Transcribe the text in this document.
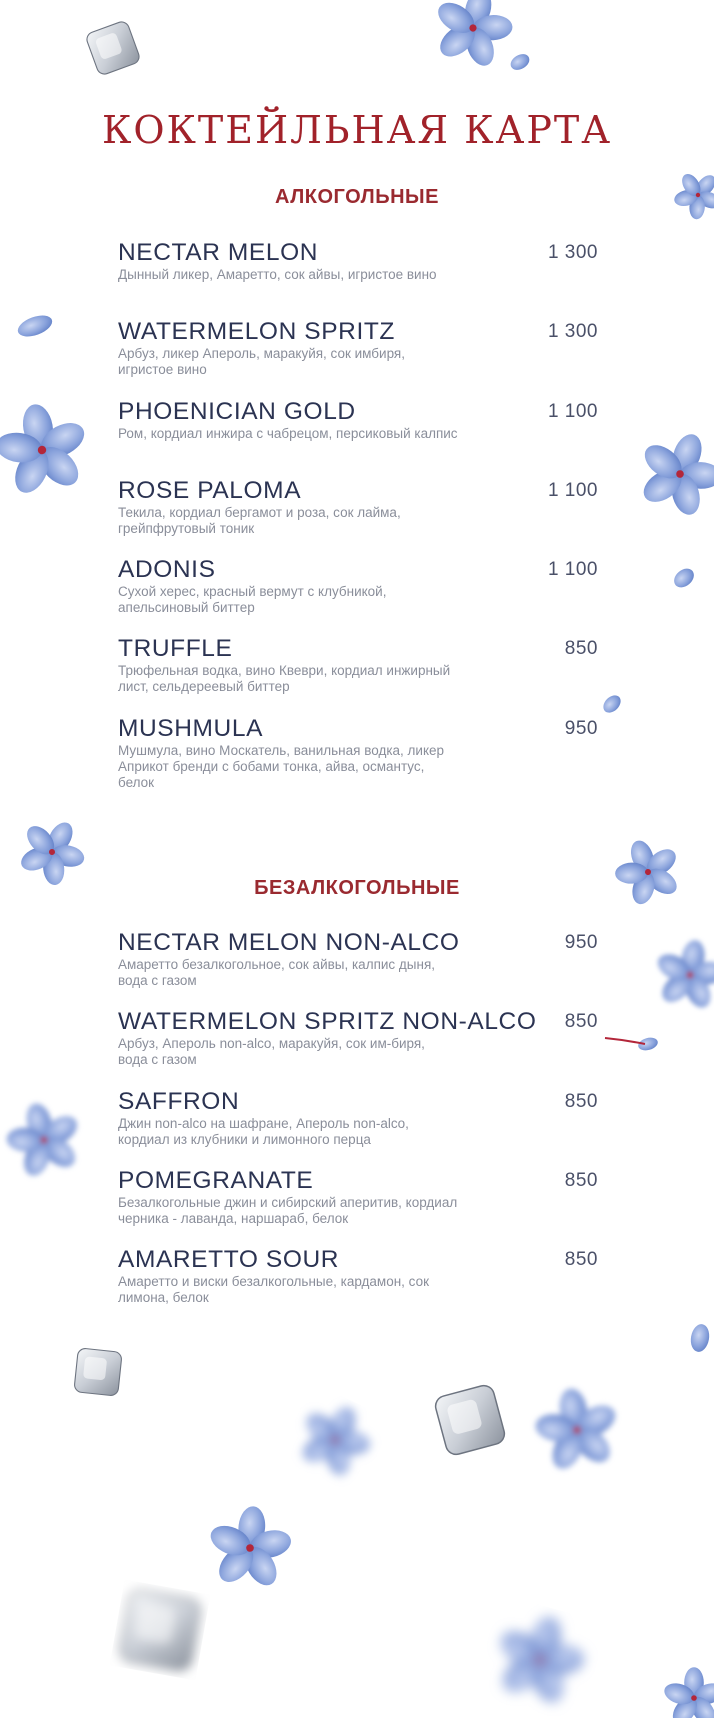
КОКТЕЙЛЬНАЯ КАРТА
АЛКОГОЛЬНЫЕ
NECTAR MELON	1 300
Дынный ликер, Амаретто, сок айвы, игристое вино
WATERMELON SPRITZ	1 300
Арбуз, ликер Апероль, маракуйя, сок имбиря, игристое вино
PHOENICIAN GOLD	1 100
Ром, кордиал инжира с чабрецом, персиковый калпис
ROSE PALOMA	1 100
Текила, кордиал бергамот и роза, сок лайма, грейпфрутовый тоник
ADONIS	1 100
Сухой херес, красный вермут с клубникой, апельсиновый биттер
TRUFFLE	850
Трюфельная водка, вино Квеври, кордиал инжирный лист, сельдереевый биттер
MUSHMULA	950
Мушмула, вино Москатель, ванильная водка, ликер Априкот бренди с бобами тонка, айва, османтус, белок
БЕЗАЛКОГОЛЬНЫЕ
NECTAR MELON NON-ALCO	950
Амаретто безалкогольное, сок айвы, калпис дыня, вода с газом
WATERMELON SPRITZ NON-ALCO	850
Арбуз, Апероль non-alco, маракуйя, сок им-биря, вода с газом
SAFFRON	850
Джин non-alco на шафране, Апероль non-alco, кордиал из клубники и лимонного перца
POMEGRANATE	850
Безалкогольные джин и сибирский аперитив, кордиал черника - лаванда, наршараб, белок
AMARETTO SOUR	850
Амаретто и виски безалкогольные, кардамон, сок лимона, белок
